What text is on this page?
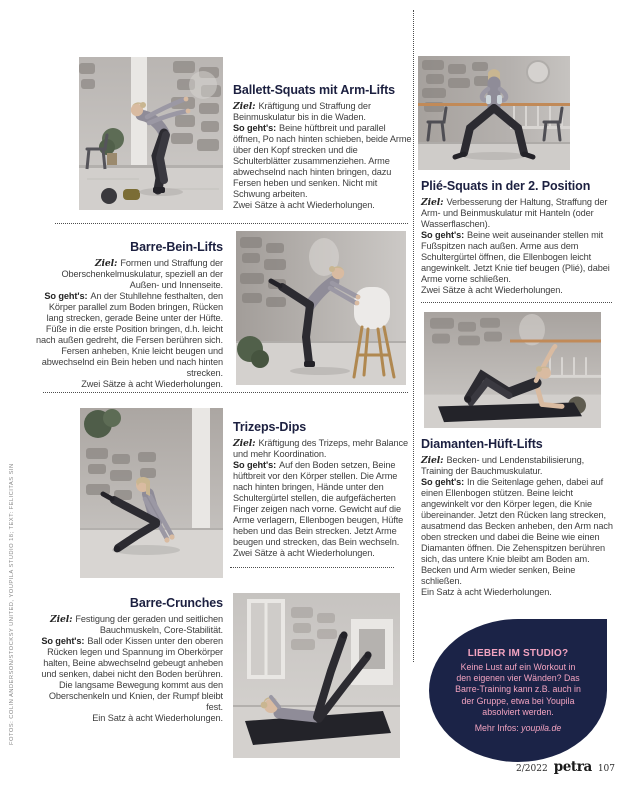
Ballett-Squats mit Arm-Lifts

Ziel: Kräftigung und Straffung der Beinmuskulatur bis in die Waden.

So geht's: Beine hüftbreit und parallel öffnen, Po nach hinten schieben, beide Arme über den Kopf strecken und die Schulterblätter zusammenziehen. Arme abwechselnd nach hinten bringen, dazu Fersen heben und senken. Nicht mit Schwung arbeiten.

Zwei Sätze à acht Wiederholungen.

Plié-Squats in der 2. Position

Ziel: Verbesserung der Haltung, Straffung der Arm- und Beinmuskulatur mit Hanteln (oder Wasserflaschen).

So geht's: Beine weit auseinander stellen mit Fußspitzen nach außen. Arme aus dem Schultergürtel öffnen, die Ellenbogen leicht angewinkelt. Jetzt Knie tief beugen (Plié), dabei Arme vorne schließen.

Zwei Sätze à acht Wiederholungen.

Barre-Bein-Lifts

Ziel: Formen und Straffung der Oberschenkelmuskulatur, speziell an der Außen- und Innenseite.

So geht's: An der Stuhllehne festhalten, den Körper parallel zum Boden bringen, Rücken lang strecken, gerade Beine unter der Hüfte. Füße in die erste Position bringen, d.h. leicht nach außen gedreht, die Fersen berühren sich. Fersen anheben, Knie leicht beugen und abwechselnd ein Bein heben und nach hinten strecken.

Zwei Sätze à acht Wiederholungen.

Trizeps-Dips

Ziel: Kräftigung des Trizeps, mehr Balance und mehr Koordination.

So geht's: Auf den Boden setzen, Beine hüftbreit vor den Körper stellen. Die Arme nach hinten bringen, Hände unter den Schultergürtel stellen, die aufgefächerten Finger zeigen nach vorne. Gewicht auf die Arme verlagern, Ellenbogen beugen, Hüfte heben und das Bein strecken. Jetzt Arme beugen und strecken, das Bein wechseln.

Zwei Sätze à acht Wiederholungen.

Diamanten-Hüft-Lifts

Ziel: Becken- und Lendenstabilisierung, Training der Bauchmuskulatur.

So geht's: In die Seitenlage gehen, dabei auf einen Ellenbogen stützen. Beine leicht angewinkelt vor den Körper legen, die Knie übereinander. Jetzt den Rücken lang strecken, ausatmend das Becken anheben, den Arm nach oben strecken und dabei die Beine wie einen Diamanten öffnen. Die Zehenspitzen berühren sich, das untere Knie bleibt am Boden am. Becken und Arm wieder senken, Beine schließen.

Ein Satz à acht Wiederholungen.

Barre-Crunches

Ziel: Festigung der geraden und seitlichen Bauchmuskeln, Core-Stabilität.

So geht's: Ball oder Kissen unter den oberen Rücken legen und Spannung im Oberkörper halten, Beine abwechselnd gebeugt anheben und senken, dabei nicht den Boden berühren. Die langsame Bewegung kommt aus den Oberschenkeln und Knien, der Rumpf bleibt fest.

Ein Satz à acht Wiederholungen.

LIEBER IM STUDIO?
Keine Lust auf ein Workout in den eigenen vier Wänden? Das Barre-Training kann z.B. auch in der Gruppe, etwa bei Youpila absolviert werden.
Mehr Infos: youpila.de
FOTOS: COLIN ANDERSON/STOCKSY UNITED, YOUPILA STUDIO 18; TEXT: FELICITAS SIN
2/2022 petra 107
